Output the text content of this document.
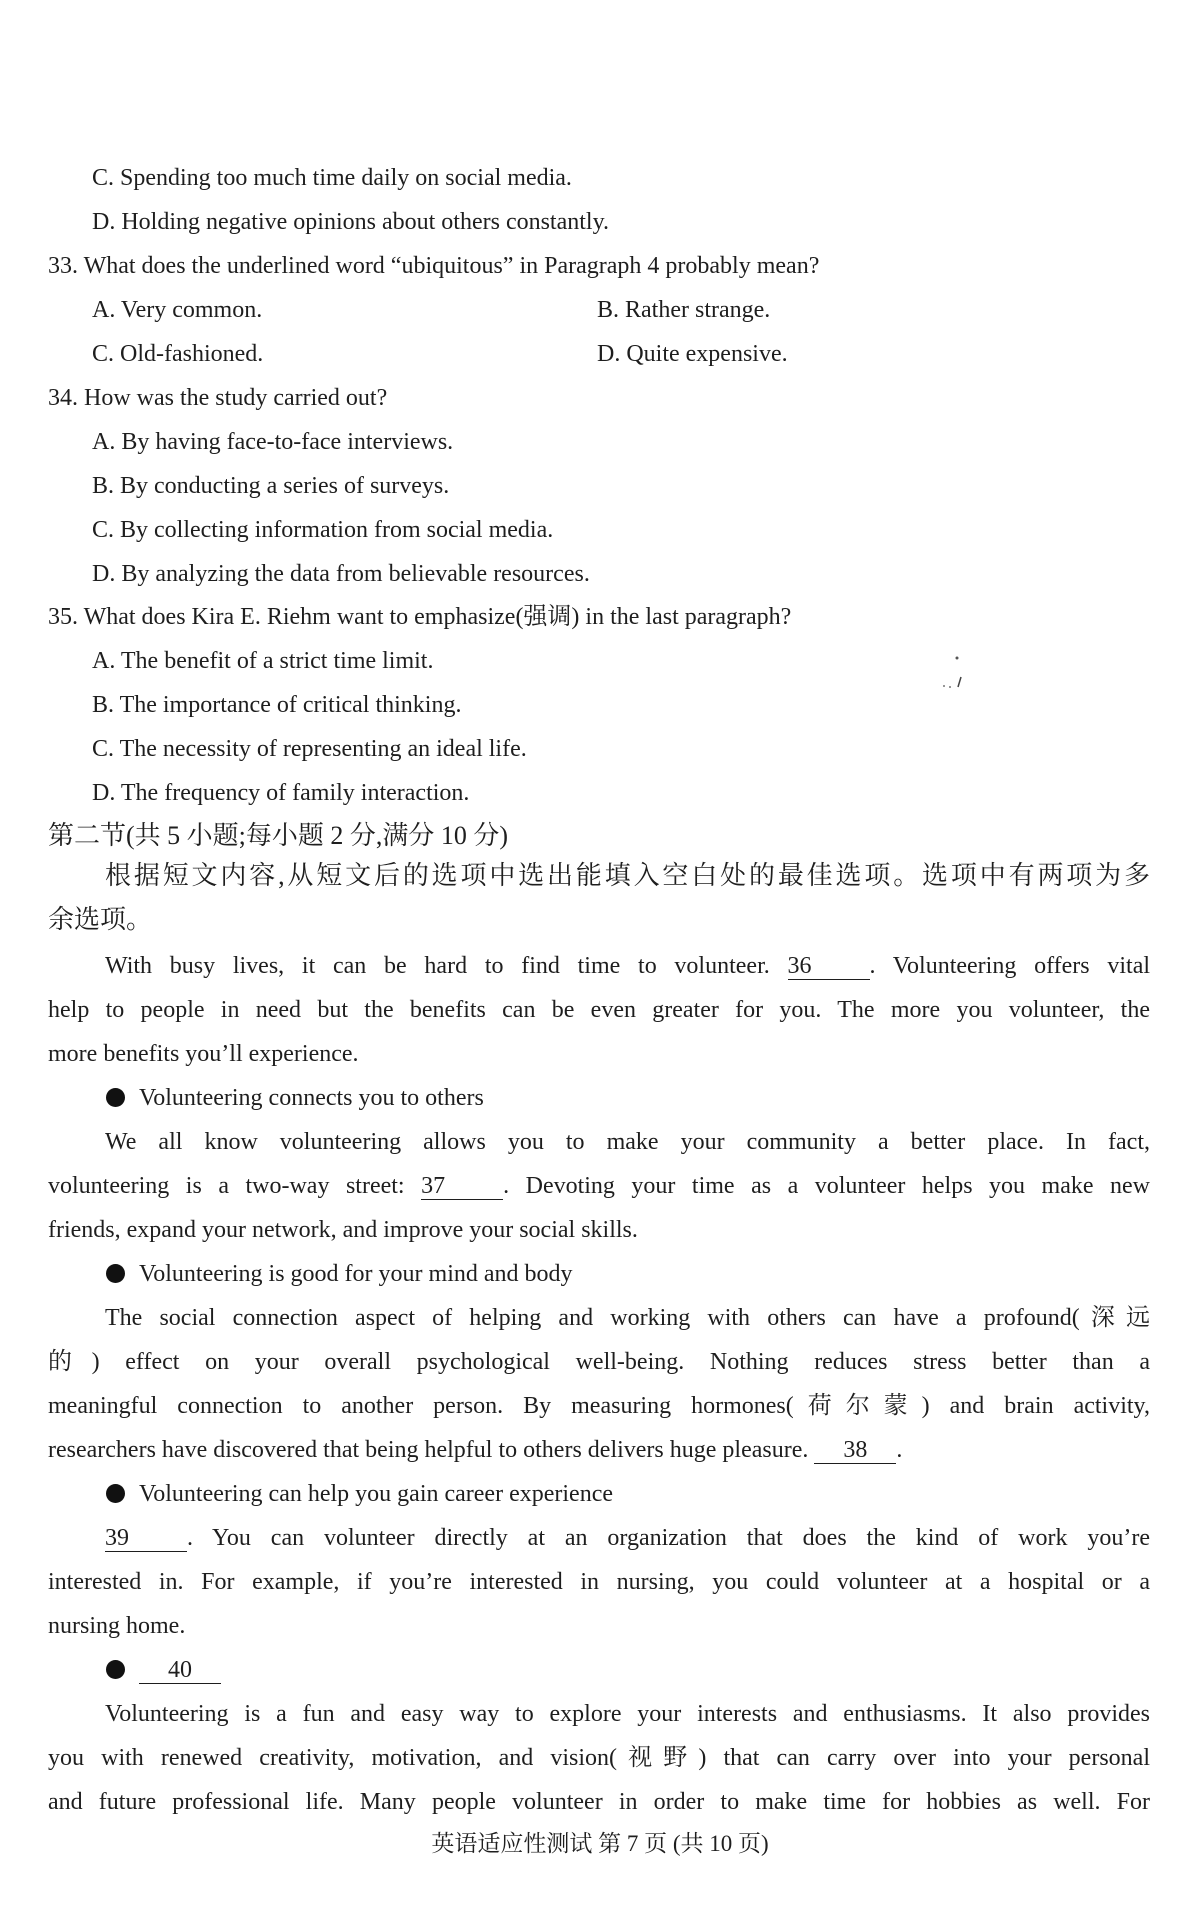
C. Spending too much time daily on social media.
D. Holding negative opinions about others constantly.
33. What does the underlined word “ubiquitous” in Paragraph 4 probably mean?
A. Very common.	B. Rather strange.
C. Old-fashioned.	D. Quite expensive.
34. How was the study carried out?
A. By having face-to-face interviews.
B. By conducting a series of surveys.
C. By collecting information from social media.
D. By analyzing the data from believable resources.
35. What does Kira E. Riehm want to emphasize(强调) in the last paragraph?
A. The benefit of a strict time limit.
B. The importance of critical thinking.
C. The necessity of representing an ideal life.
D. The frequency of family interaction.
第二节(共 5 小题;每小题 2 分,满分 10 分)
根据短文内容,从短文后的选项中选出能填入空白处的最佳选项。选项中有两项为多
余选项。
With busy lives, it can be hard to find time to volunteer. 36 . Volunteering offers vital
help to people in need but the benefits can be even greater for you. The more you volunteer, the
more benefits you’ll experience.
Volunteering connects you to others
We all know volunteering allows you to make your community a better place. In fact,
volunteering is a two-way street: 37 . Devoting your time as a volunteer helps you make new
friends, expand your network, and improve your social skills.
Volunteering is good for your mind and body
The social connection aspect of helping and working with others can have a profound(深远
的) effect on your overall psychological well-being. Nothing reduces stress better than a
meaningful connection to another person. By measuring hormones(荷尔蒙) and brain activity,
researchers have discovered that being helpful to others delivers huge pleasure. 38 .
Volunteering can help you gain career experience
39 . You can volunteer directly at an organization that does the kind of work you’re
interested in. For example, if you’re interested in nursing, you could volunteer at a hospital or a
nursing home.
40
Volunteering is a fun and easy way to explore your interests and enthusiasms. It also provides
you with renewed creativity, motivation, and vision(视野) that can carry over into your personal
and future professional life. Many people volunteer in order to make time for hobbies as well. For
英语适应性测试 第 7 页 (共 10 页)
